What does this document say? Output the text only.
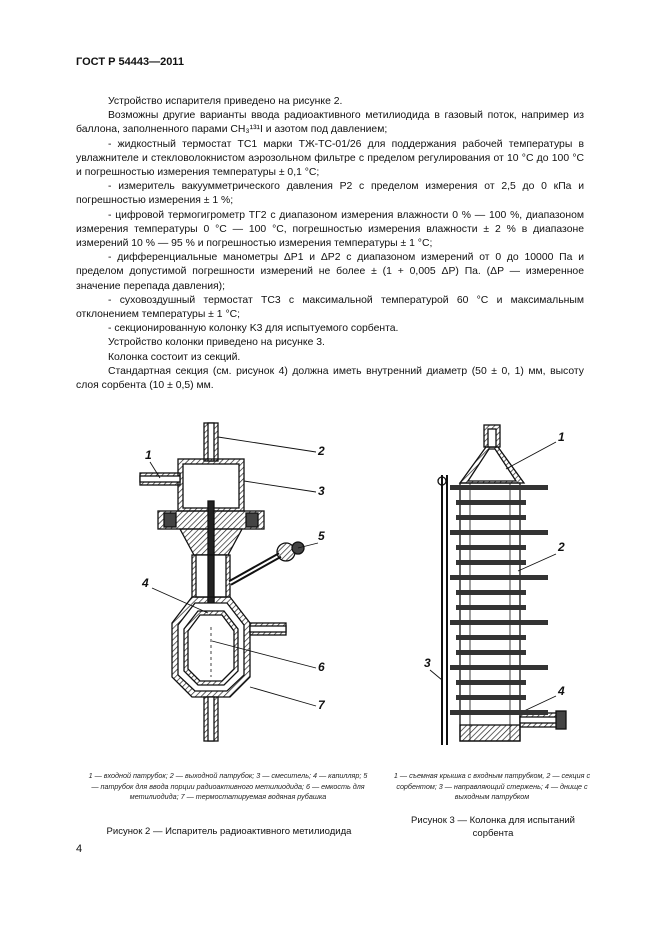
ГОСТ Р 54443—2011

Устройство испарителя приведено на рисунке 2.

Возможны другие варианты ввода радиоактивного метилиодида в газовый поток, например из баллона, заполненного парами CH₃¹³¹I и азотом под давлением;

- жидкостный термостат TC1 марки ТЖ-ТС-01/26 для поддержания рабочей температуры в увлажнителе и стекловолокнистом аэрозольном фильтре с пределом регулирования от 10 °C до 100 °C и погрешностью измерения температуры ± 0,1 °C;

- измеритель вакуумметрического давления P2 с пределом измерения от 2,5 до 0 кПа и погрешностью измерения ± 1 %;

- цифровой термогигрометр ТГ2 с диапазоном измерения влажности 0 % — 100 %, диапазоном измерения температуры 0 °C — 100 °C, погрешностью измерения влажности ± 2 % в диапазоне измерений 10 % — 95 % и погрешностью измерения температуры ± 1 °C;

- дифференциальные манометры ΔP1 и ΔP2 с диапазоном измерений от 0 до 10000 Па и пределом допустимой погрешности измерений не более ± (1 + 0,005 ΔP) Па. (ΔP — измеренное значение перепада давления);

- суховоздушный термостат TC3 с максимальной температурой 60 °C и максимальным отклонением температуры ± 1 °C;

- секционированную колонку K3 для испытуемого сорбента.

Устройство колонки приведено на рисунке 3.

Колонка состоит из секций.

Стандартная секция (см. рисунок 4) должна иметь внутренний диаметр (50 ± 0, 1) мм, высоту слоя сорбента (10 ± 0,5) мм.

1	2
3
4
5
6
7
1
2
3
4
1 — входной патрубок; 2 — выходной патрубок; 3 — смеситель; 4 — капилляр; 5 — патрубок для ввода порции радиоактивного метилиодида; 6 — емкость для метилиодида; 7 — термостатируемая водяная рубашка
Рисунок 2 — Испаритель радиоактивного метилиодида
1 — съемная крышка с входным патрубком, 2 — секция с сорбентом; 3 — направляющий стержень; 4 — днище с выходным патрубком
Рисунок 3 — Колонка для испытаний сорбента
4
